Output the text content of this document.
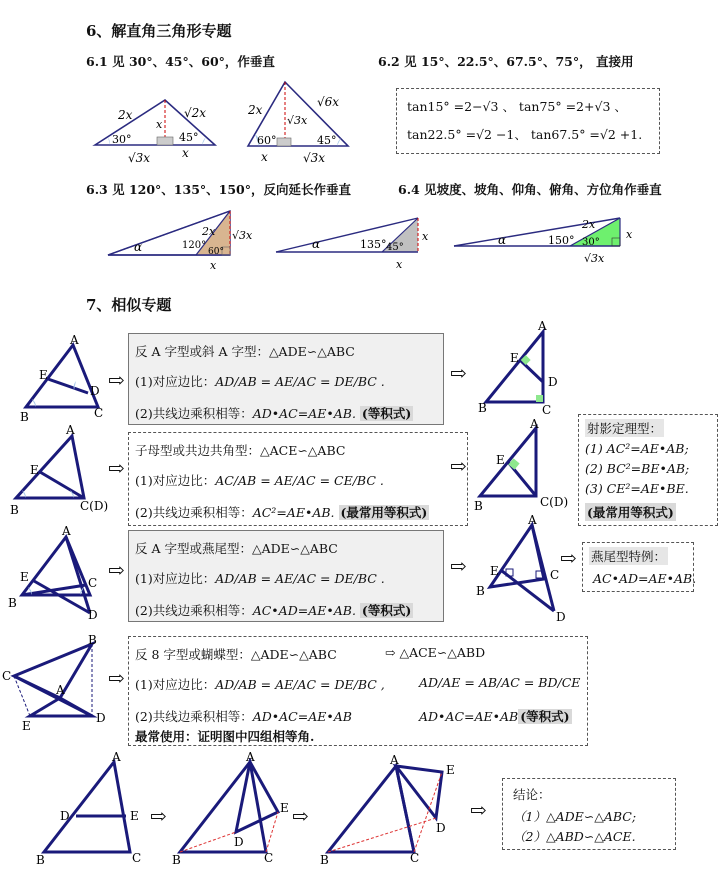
6、解直角三角形专题
6.1 见 30°、45°、60°，作垂直	6.2 见 15°、22.5°、67.5°、75°， 直接用
2x	√2x
x
30°	45°
√3x	x
2x
√6x
√3x
60°	45°
x	√3x
tan15° =2−√3 、 tan75° =2+√3 、
tan22.5° =√2 −1、 tan67.5° =√2 +1.
6.3 见 120°、135°、150°，反向延长作垂直	6.4 见坡度、坡角、仰角、俯角、方位角作垂直
α	120°
2x √3x
60°
x
α	135° 45°
x
x
α	150°
2x
30°
x
√3x
7、相似专题
A
E
D
B	C
⇨
反 A 字型或斜 A 字型：△ADE∽△ABC
(1)对应边比：AD/AB = AE/AC = DE/BC .
(2)共线边乘积相等：AD•AC=AE•AB. (等积式)
⇨
A
E
D
B	C
A
E
B	C(D)
⇨
子母型或共边共角型：△ACE∽△ABC
(1)对应边比：AC/AB = AE/AC = CE/BC .
(2)共线边乘积相等：AC²=AE•AB. (最常用等积式)
⇨
A
E
B	C(D)
射影定理型：
(1) AC²=AE•AB;
(2) BC²=BE•AB;
(3) CE²=AE•BE.
(最常用等积式)
A
E
B
C
D
⇨
反 A 字型或燕尾型：△ADE∽△ABC
(1)对应边比：AD/AB = AE/AC = DE/BC .
(2)共线边乘积相等：AC•AD=AE•AB. (等积式)
⇨
A
E	C
B
D
⇨ 燕尾型特例：
AC•AD=AE•AB.
B
C
A
E
D
⇨
反 8 字型或蝴蝶型：△ADE∽△ABC	⇨ △ACE∽△ABD
(1)对应边比：AD/AB = AE/AC = DE/BC ,	AD/AE = AB/AC = BD/CE
(2)共线边乘积相等：AD•AC=AE•AB	AD•AC=AE•AB (等积式)
最常使用：证明图中四组相等角.
A
D	E
B	C
⇨
A
D
E
B	C
⇨
A
E
D
B	C
⇨
结论：
（1）△ADE∽△ABC;
（2）△ABD∽△ACE.
